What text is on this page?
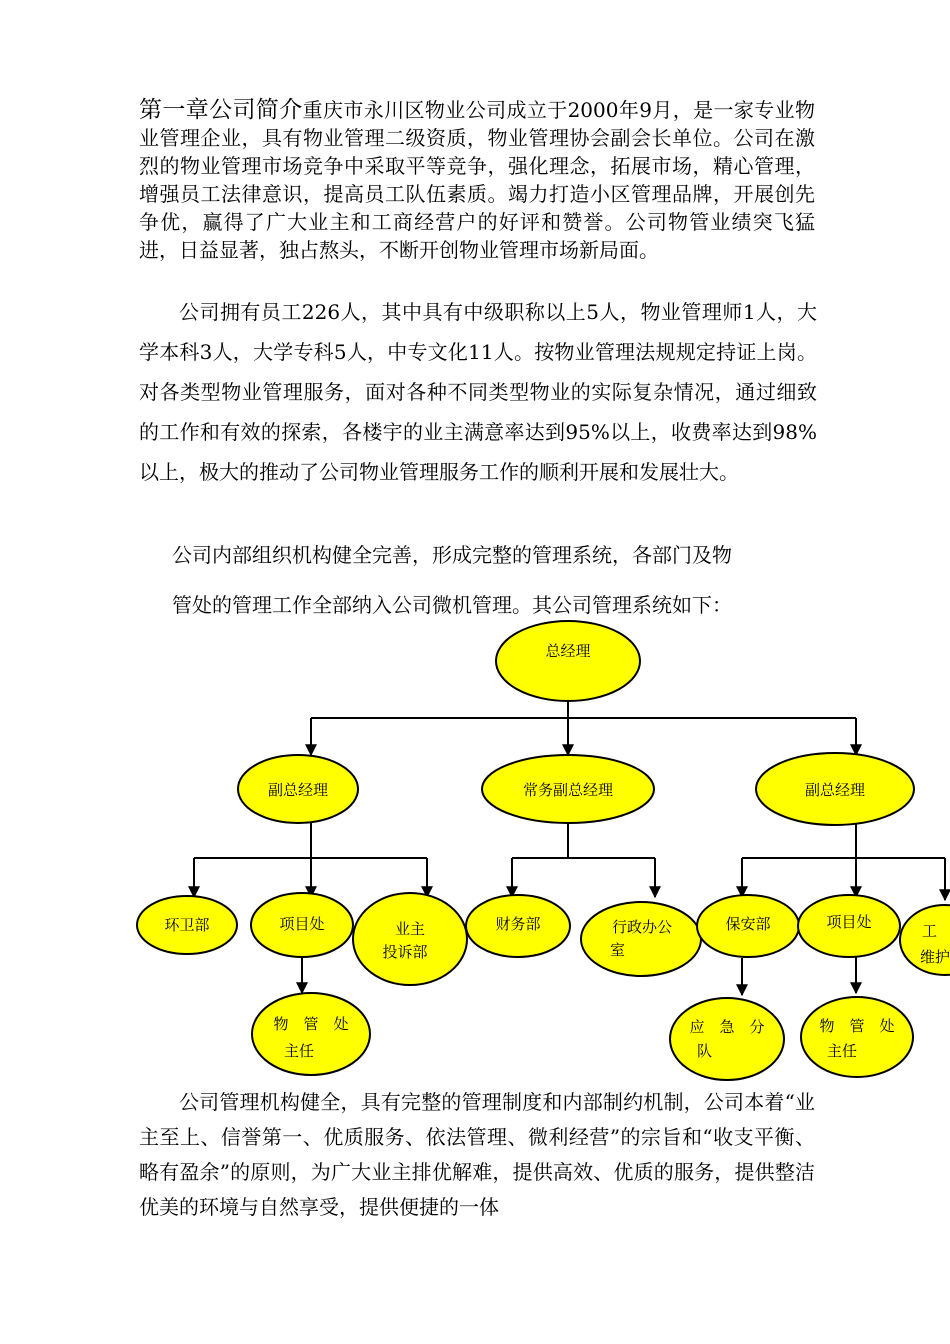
第一章公司简介重庆市永川区物业公司成立于2000年9月，是一家专业物业管理企业，具有物业管理二级资质，物业管理协会副会长单位。公司在激烈的物业管理市场竞争中采取平等竞争，强化理念，拓展市场，精心管理，增强员工法律意识，提高员工队伍素质。竭力打造小区管理品牌，开展创先争优，赢得了广大业主和工商经营户的好评和赞誉。公司物管业绩突飞猛进，日益显著，独占熬头，不断开创物业管理市场新局面。
公司拥有员工226人，其中具有中级职称以上5人，物业管理师1人，大学本科3人，大学专科5人，中专文化11人。按物业管理法规规定持证上岗。对各类型物业管理服务，面对各种不同类型物业的实际复杂情况，通过细致的工作和有效的探索，各楼宇的业主满意率达到95%以上，收费率达到98%以上，极大的推动了公司物业管理服务工作的顺利开展和发展壮大。
公司内部组织机构健全完善，形成完整的管理系统，各部门及物
管处的管理工作全部纳入公司微机管理。其公司管理系统如下：
总经理
副总经理	常务副总经理	副总经理
环卫部	项目处	业主
投诉部
物　管　处
主任
财务部	行政办公
室
保安部	项目处	工
维护
应　急　分
队
物　管　处
主任
公司管理机构健全，具有完整的管理制度和内部制约机制，公司本着“业主至上、信誉第一、优质服务、依法管理、微利经营”的宗旨和“收支平衡、略有盈余”的原则，为广大业主排优解难，提供高效、优质的服务，提供整洁优美的环境与自然享受，提供便捷的一体
